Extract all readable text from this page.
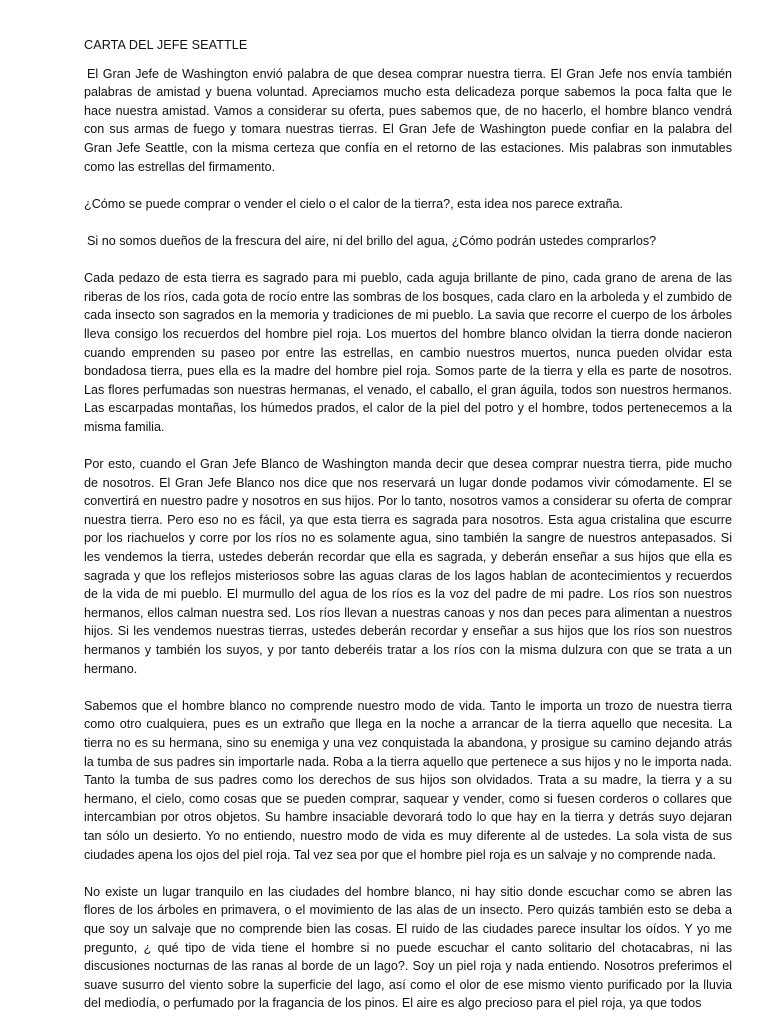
CARTA DEL JEFE SEATTLE

El Gran Jefe de Washington envió palabra de que desea comprar nuestra tierra. El Gran Jefe nos envía también palabras de amistad y buena voluntad. Apreciamos mucho esta delicadeza porque sabemos la poca falta que le hace nuestra amistad. Vamos a considerar su oferta, pues sabemos que, de no hacerlo, el hombre blanco vendrá con sus armas de fuego y tomara nuestras tierras. El Gran Jefe de Washington puede confiar en la palabra del Gran Jefe Seattle, con la misma certeza que confía en el retorno de las estaciones. Mis palabras son inmutables como las estrellas del firmamento.

¿Cómo se puede comprar o vender el cielo o el calor de la tierra?, esta idea nos parece extraña.

Si no somos dueños de la frescura del aire, ni del brillo del agua, ¿Cómo podrán ustedes comprarlos?

Cada pedazo de esta tierra es sagrado para mi pueblo, cada aguja brillante de pino, cada grano de arena de las riberas de los ríos, cada gota de rocío entre las sombras de los bosques, cada claro en la arboleda y el zumbido de cada insecto son sagrados en la memoria y tradiciones de mi pueblo. La savia que recorre el cuerpo de los árboles lleva consigo los recuerdos del hombre piel roja. Los muertos del hombre blanco olvidan la tierra donde nacieron cuando emprenden su paseo por entre las estrellas, en cambio nuestros muertos, nunca pueden olvidar esta bondadosa tierra, pues ella es la madre del hombre piel roja. Somos parte de la tierra y ella es parte de nosotros. Las flores perfumadas son nuestras hermanas, el venado, el caballo, el gran águila, todos son nuestros hermanos. Las escarpadas montañas, los húmedos prados, el calor de la piel del potro y el hombre, todos pertenecemos a la misma familia.

Por esto, cuando el Gran Jefe Blanco de Washington manda decir que desea comprar nuestra tierra, pide mucho de nosotros. El Gran Jefe Blanco nos dice que nos reservará un lugar donde podamos vivir cómodamente. El se convertirá en nuestro padre y nosotros en sus hijos. Por lo tanto, nosotros vamos a considerar su oferta de comprar nuestra tierra. Pero eso no es fácil, ya que esta tierra es sagrada para nosotros. Esta agua cristalina que escurre por los riachuelos y corre por los ríos no es solamente agua, sino también la sangre de nuestros antepasados. Si les vendemos la tierra, ustedes deberán recordar que ella es sagrada, y deberán enseñar a sus hijos que ella es sagrada y que los reflejos misteriosos sobre las aguas claras de los lagos hablan de acontecimientos y recuerdos de la vida de mi pueblo. El murmullo del agua de los ríos es la voz del padre de mi padre. Los ríos son nuestros hermanos, ellos calman nuestra sed. Los ríos llevan a nuestras canoas y nos dan peces para alimentan a nuestros hijos. Si les vendemos nuestras tierras, ustedes deberán recordar y enseñar a sus hijos que los ríos son nuestros hermanos y también los suyos, y por tanto deberéis tratar a los ríos con la misma dulzura con que se trata a un hermano.

Sabemos que el hombre blanco no comprende nuestro modo de vida. Tanto le importa un trozo de nuestra tierra como otro cualquiera, pues es un extraño que llega en la noche a arrancar de la tierra aquello que necesita. La tierra no es su hermana, sino su enemiga y una vez conquistada la abandona, y prosigue su camino dejando atrás la tumba de sus padres sin importarle nada. Roba a la tierra aquello que pertenece a sus hijos y no le importa nada. Tanto la tumba de sus padres como los derechos de sus hijos son olvidados. Trata a su madre, la tierra y a su hermano, el cielo, como cosas que se pueden comprar, saquear y vender, como si fuesen corderos o collares que intercambian por otros objetos. Su hambre insaciable devorará todo lo que hay en la tierra y detrás suyo dejaran tan sólo un desierto. Yo no entiendo, nuestro modo de vida es muy diferente al de ustedes. La sola vista de sus ciudades apena los ojos del piel roja. Tal vez sea por que el hombre piel roja es un salvaje y no comprende nada.

No existe un lugar tranquilo en las ciudades del hombre blanco, ni hay sitio donde escuchar como se abren las flores de los árboles en primavera, o el movimiento de las alas de un insecto. Pero quizás también esto se deba a que soy un salvaje que no comprende bien las cosas. El ruido de las ciudades parece insultar los oídos. Y yo me pregunto, ¿ qué tipo de vida tiene el hombre si no puede escuchar el canto solitario del chotacabras, ni las discusiones nocturnas de las ranas al borde de un lago?. Soy un piel roja y nada entiendo. Nosotros preferimos el suave susurro del viento sobre la superficie del lago, así como el olor de ese mismo viento purificado por la lluvia del mediodía, o perfumado por la fragancia de los pinos. El aire es algo precioso para el piel roja, ya que todos
